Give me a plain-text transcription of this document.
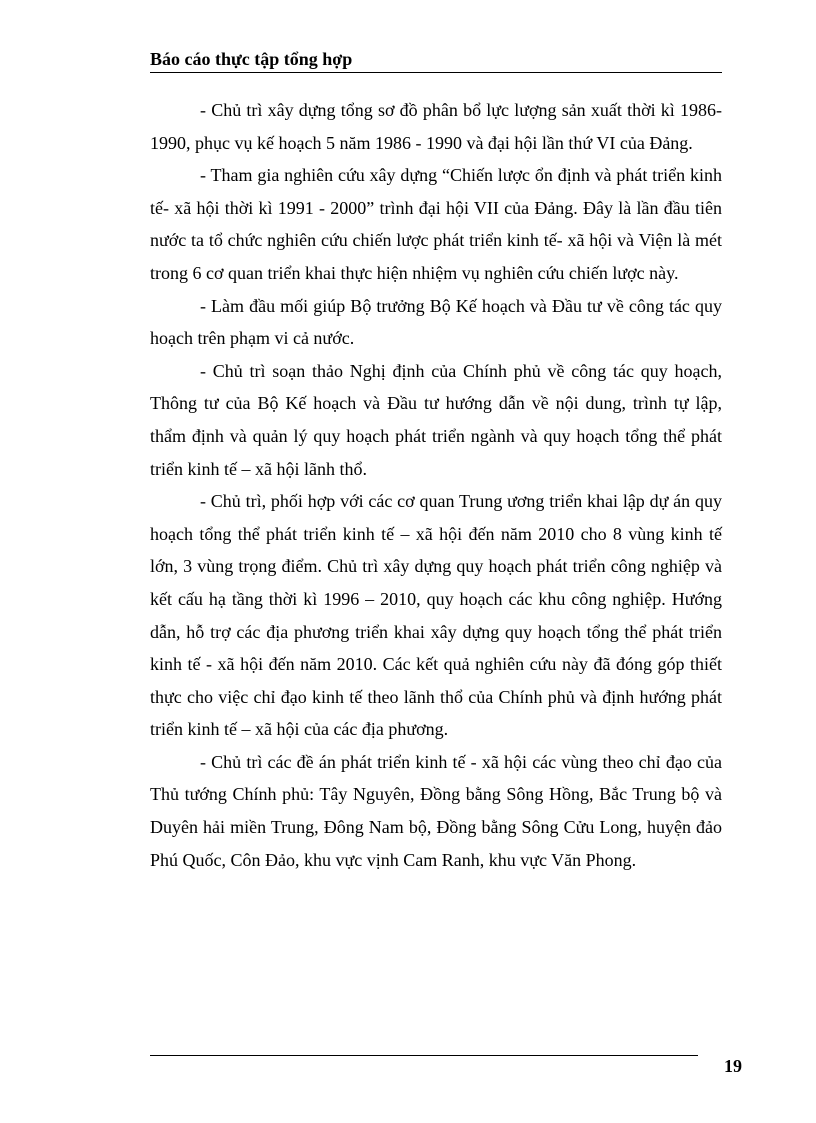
Báo cáo thực tập tổng hợp

- Chủ trì xây dựng tổng sơ đồ phân bổ lực lượng sản xuất thời kì 1986-1990, phục vụ kế hoạch 5 năm 1986 - 1990 và đại hội lần thứ VI của Đảng.

- Tham gia nghiên cứu xây dựng “Chiến lược ổn định và phát triển kinh tế- xã hội thời kì 1991 - 2000” trình đại hội VII của Đảng. Đây là lần đầu tiên nước ta tổ chức nghiên cứu chiến lược phát triển kinh tế- xã hội và Viện là mét trong 6 cơ quan triển khai thực hiện nhiệm vụ nghiên cứu chiến lược này.

- Làm đầu mối giúp Bộ trưởng Bộ Kế hoạch và Đầu tư về công tác quy hoạch trên phạm vi cả nước.

- Chủ trì soạn thảo Nghị định của Chính phủ về công tác quy hoạch, Thông tư của Bộ Kế hoạch và Đầu tư hướng dẫn về nội dung, trình tự lập, thẩm định và quản lý quy hoạch phát triển ngành và quy hoạch tổng thể phát triển kinh tế – xã hội lãnh thổ.

- Chủ trì, phối hợp với các cơ quan Trung ương triển khai lập dự án quy hoạch tổng thể phát triển kinh tế – xã hội đến năm 2010 cho 8 vùng kinh tế lớn, 3 vùng trọng điểm. Chủ trì xây dựng quy hoạch phát triển công nghiệp và kết cấu hạ tầng thời kì 1996 – 2010, quy hoạch các khu công nghiệp. Hướng dẫn, hỗ trợ các địa phương triển khai xây dựng quy hoạch tổng thể phát triển kinh tế - xã hội đến năm 2010. Các kết quả nghiên cứu này đã đóng góp thiết thực cho việc chỉ đạo kinh tế theo lãnh thổ của Chính phủ và định hướng phát triển kinh tế – xã hội của các địa phương.

- Chủ trì các đề án phát triển kinh tế - xã hội các vùng theo chỉ đạo của Thủ tướng Chính phủ: Tây Nguyên, Đồng bằng Sông Hồng, Bắc Trung bộ và Duyên hải miền Trung, Đông Nam bộ, Đồng bằng Sông Cửu Long, huyện đảo Phú Quốc, Côn Đảo, khu vực vịnh Cam Ranh, khu vực Văn Phong.

19
